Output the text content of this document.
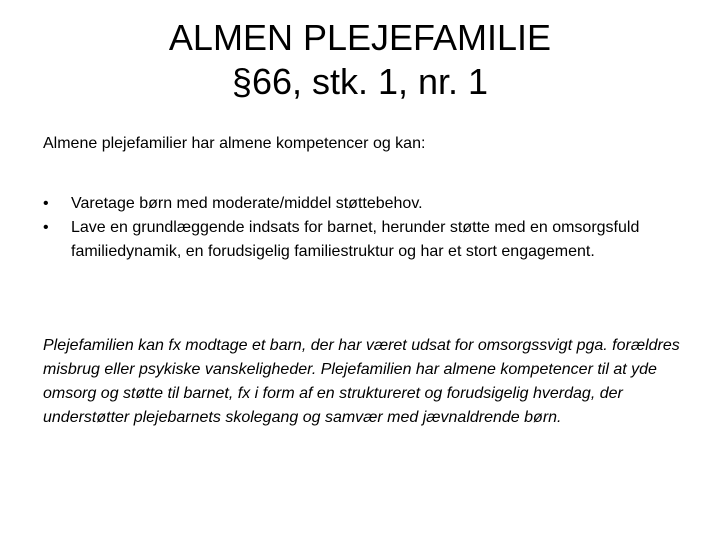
ALMEN PLEJEFAMILIE
§66, stk. 1, nr. 1

Almene plejefamilier har almene kompetencer og kan:

• Varetage børn med moderate/middel støttebehov.
• Lave en grundlæggende indsats for barnet, herunder støtte med en omsorgsfuld familiedynamik, en forudsigelig familiestruktur og har et stort engagement.

Plejefamilien kan fx modtage et barn, der har været udsat for omsorgssvigt pga. forældres misbrug eller psykiske vanskeligheder. Plejefamilien har almene kompetencer til at yde omsorg og støtte til barnet, fx i form af en struktureret og forudsigelig hverdag, der understøtter plejebarnets skolegang og samvær med jævnaldrende børn.
